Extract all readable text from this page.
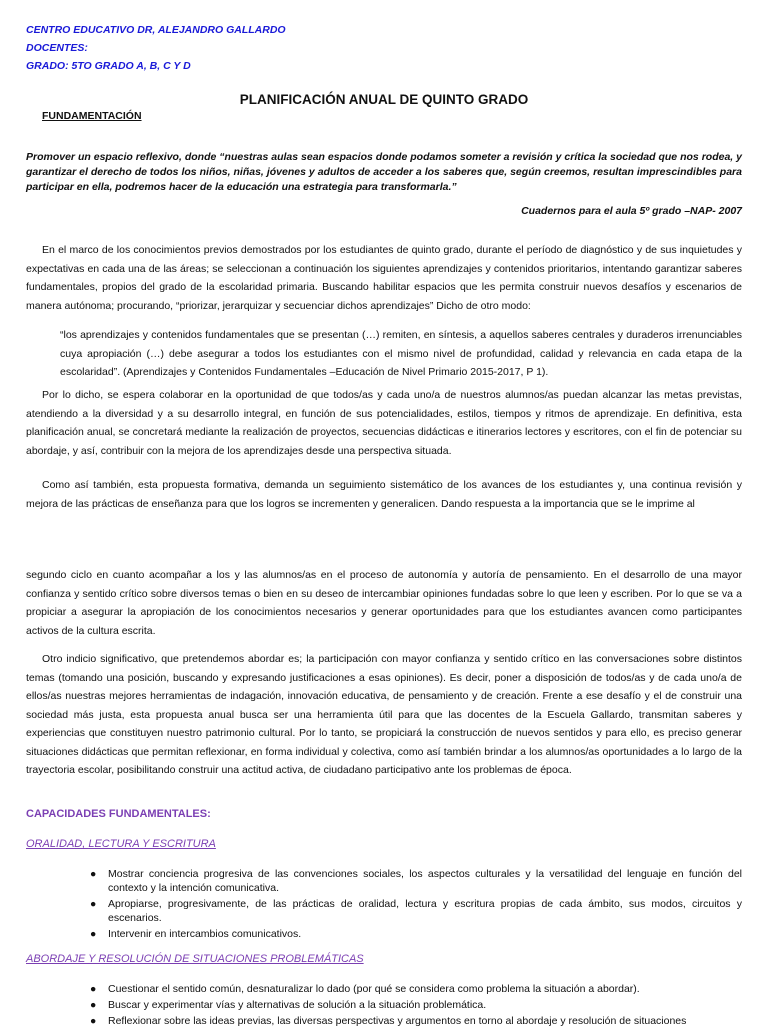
CENTRO EDUCATIVO DR, ALEJANDRO GALLARDO
DOCENTES:
GRADO: 5TO GRADO A, B, C Y D
PLANIFICACIÓN ANUAL DE QUINTO GRADO
FUNDAMENTACIÓN
Promover un espacio reflexivo, donde “nuestras aulas sean espacios donde podamos someter a revisión y crítica la sociedad que nos rodea, y garantizar el derecho de todos los niños, niñas, jóvenes y adultos de acceder a los saberes que, según creemos, resultan imprescindibles para participar en ella, podremos hacer de la educación una estrategia para transformarla.”
Cuadernos para el aula 5º grado –NAP- 2007
En el marco de los conocimientos previos demostrados por los estudiantes de quinto grado, durante el período de diagnóstico y de sus inquietudes y expectativas en cada una de las áreas; se seleccionan a continuación los siguientes aprendizajes y contenidos prioritarios, intentando garantizar saberes fundamentales, propios del grado de la escolaridad primaria. Buscando habilitar espacios que les permita construir nuevos desafíos y escenarios de manera autónoma; procurando, “priorizar, jerarquizar y secuenciar dichos aprendizajes” Dicho de otro modo:
“los aprendizajes y contenidos fundamentales que se presentan (…) remiten, en síntesis, a aquellos saberes centrales y duraderos irrenunciables cuya apropiación (…) debe asegurar a todos los estudiantes con el mismo nivel de profundidad, calidad y relevancia en cada etapa de la escolaridad”. (Aprendizajes y Contenidos Fundamentales –Educación de Nivel Primario 2015-2017, P 1).
Por lo dicho, se espera colaborar en la oportunidad de que todos/as y cada uno/a de nuestros alumnos/as puedan alcanzar las metas previstas, atendiendo a la diversidad y a su desarrollo integral, en función de sus potencialidades, estilos, tiempos y ritmos de aprendizaje. En definitiva, esta planificación anual, se concretará mediante la realización de proyectos, secuencias didácticas e itinerarios lectores y escritores, con el fin de potenciar su abordaje, y así, contribuir con la mejora de los aprendizajes desde una perspectiva situada.
Como así también, esta propuesta formativa, demanda un seguimiento sistemático de los avances de los estudiantes y, una continua revisión y mejora de las prácticas de enseñanza para que los logros se incrementen y generalicen. Dando respuesta a la importancia que se le imprime al
segundo ciclo en cuanto acompañar a los y las alumnos/as en el proceso de autonomía y autoría de pensamiento. En el desarrollo de una mayor confianza y sentido crítico sobre diversos temas o bien en su deseo de intercambiar opiniones fundadas sobre lo que leen y escriben. Por lo que se va a propiciar a asegurar la apropiación de los conocimientos necesarios y generar oportunidades para que los estudiantes avancen como participantes activos de la cultura escrita.
Otro indicio significativo, que pretendemos abordar es; la participación con mayor confianza y sentido crítico en las conversaciones sobre distintos temas (tomando una posición, buscando y expresando justificaciones a esas opiniones). Es decir, poner a disposición de todos/as y de cada uno/a de ellos/as nuestras mejores herramientas de indagación, innovación educativa, de pensamiento y de creación. Frente a ese desafío y el de construir una sociedad más justa, esta propuesta anual busca ser una herramienta útil para que las docentes de la Escuela Gallardo, transmitan saberes y experiencias que constituyen nuestro patrimonio cultural. Por lo tanto, se propiciará la construcción de nuevos sentidos y para ello, es preciso generar situaciones didácticas que permitan reflexionar, en forma individual y colectiva, como así también brindar a los alumnos/as oportunidades a lo largo de la trayectoria escolar, posibilitando construir una actitud activa, de ciudadano participativo ante los problemas de época.
CAPACIDADES FUNDAMENTALES:
ORALIDAD, LECTURA Y ESCRITURA
● Mostrar conciencia progresiva de las convenciones sociales, los aspectos culturales y la versatilidad del lenguaje en función del contexto y la intención comunicativa.
● Apropiarse, progresivamente, de las prácticas de oralidad, lectura y escritura propias de cada ámbito, sus modos, circuitos y escenarios.
● Intervenir en intercambios comunicativos.
ABORDAJE Y RESOLUCIÓN DE SITUACIONES PROBLEMÁTICAS
● Cuestionar el sentido común, desnaturalizar lo dado (por qué se considera como problema la situación a abordar).
● Buscar y experimentar vías y alternativas de solución a la situación problemática.
● Reflexionar sobre las ideas previas, las diversas perspectivas y argumentos en torno al abordaje y resolución de situaciones
